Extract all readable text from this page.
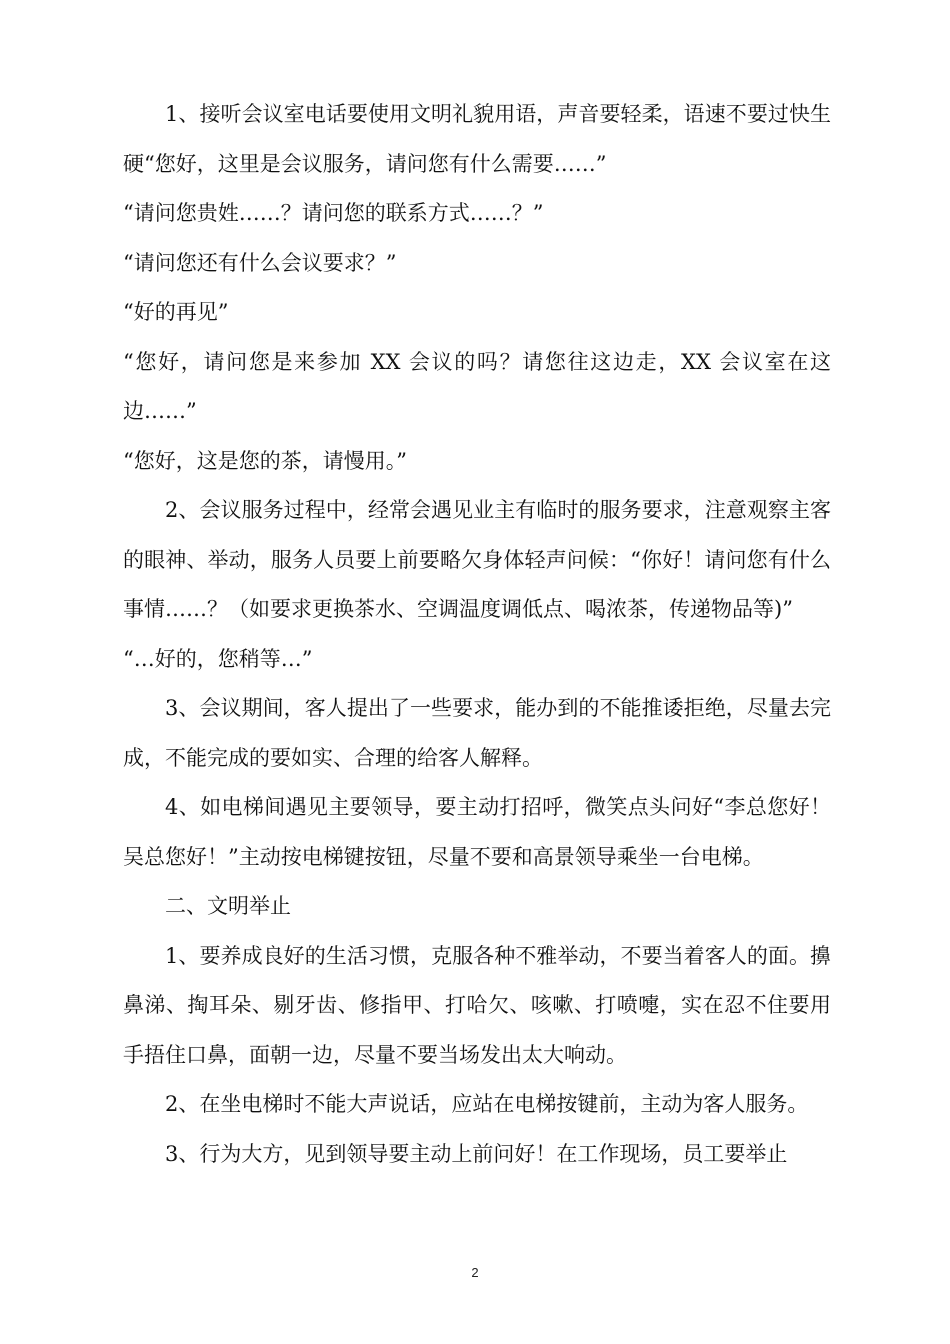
1、接听会议室电话要使用文明礼貌用语，声音要轻柔，语速不要过快生硬“您好，这里是会议服务，请问您有什么需要……”

“请问您贵姓……？请问您的联系方式……？”

“请问您还有什么会议要求？”

“好的再见”

“您好，请问您是来参加 XX 会议的吗？请您往这边走，XX 会议室在这边……”

“您好，这是您的茶，请慢用。”

2、会议服务过程中，经常会遇见业主有临时的服务要求，注意观察主客的眼神、举动，服务人员要上前要略欠身体轻声问候：“你好！请问您有什么事情……？（如要求更换茶水、空调温度调低点、喝浓茶，传递物品等)”

“…好的，您稍等…”

3、会议期间，客人提出了一些要求，能办到的不能推诿拒绝，尽量去完成，不能完成的要如实、合理的给客人解释。

4、如电梯间遇见主要领导，要主动打招呼，微笑点头问好“李总您好！吴总您好！”主动按电梯键按钮，尽量不要和高景领导乘坐一台电梯。

二、文明举止

1、要养成良好的生活习惯，克服各种不雅举动，不要当着客人的面。擤鼻涕、掏耳朵、剔牙齿、修指甲、打哈欠、咳嗽、打喷嚏，实在忍不住要用手捂住口鼻，面朝一边，尽量不要当场发出太大响动。

2、在坐电梯时不能大声说话，应站在电梯按键前，主动为客人服务。

3、行为大方，见到领导要主动上前问好！在工作现场，员工要举止

2
